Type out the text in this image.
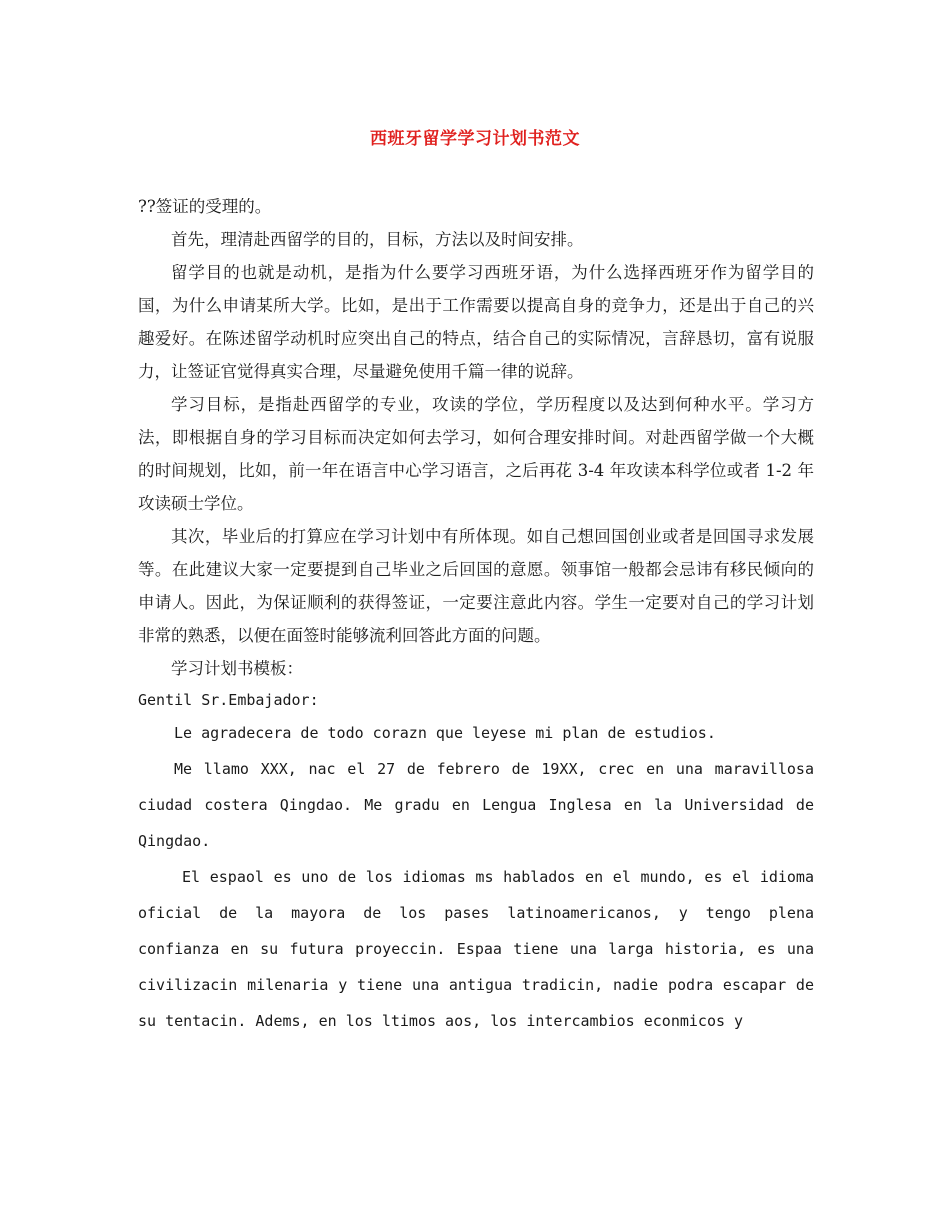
西班牙留学学习计划书范文

??签证的受理的。

首先，理清赴西留学的目的，目标，方法以及时间安排。

留学目的也就是动机，是指为什么要学习西班牙语，为什么选择西班牙作为留学目的国，为什么申请某所大学。比如，是出于工作需要以提高自身的竞争力，还是出于自己的兴趣爱好。在陈述留学动机时应突出自己的特点，结合自己的实际情况，言辞恳切，富有说服力，让签证官觉得真实合理，尽量避免使用千篇一律的说辞。

学习目标，是指赴西留学的专业，攻读的学位，学历程度以及达到何种水平。学习方法，即根据自身的学习目标而决定如何去学习，如何合理安排时间。对赴西留学做一个大概的时间规划，比如，前一年在语言中心学习语言，之后再花 3-4 年攻读本科学位或者 1-2 年攻读硕士学位。

其次，毕业后的打算应在学习计划中有所体现。如自己想回国创业或者是回国寻求发展等。在此建议大家一定要提到自己毕业之后回国的意愿。领事馆一般都会忌讳有移民倾向的申请人。因此，为保证顺利的获得签证，一定要注意此内容。学生一定要对自己的学习计划非常的熟悉，以便在面签时能够流利回答此方面的问题。

学习计划书模板：

Gentil Sr.Embajador:

Le agradecera de todo corazn que leyese mi plan de estudios.

Me llamo XXX, nac el 27 de febrero de 19XX, crec en una maravillosa ciudad costera Qingdao. Me gradu en Lengua Inglesa en la Universidad de Qingdao.

El espaol es uno de los idiomas ms hablados en el mundo, es el idioma oficial de la mayora de los pases latinoamericanos, y tengo plena confianza en su futura proyeccin. Espaa tiene una larga historia, es una civilizacin milenaria y tiene una antigua tradicin, nadie podra escapar de su tentacin. Adems, en los ltimos aos, los intercambios econmicos y
